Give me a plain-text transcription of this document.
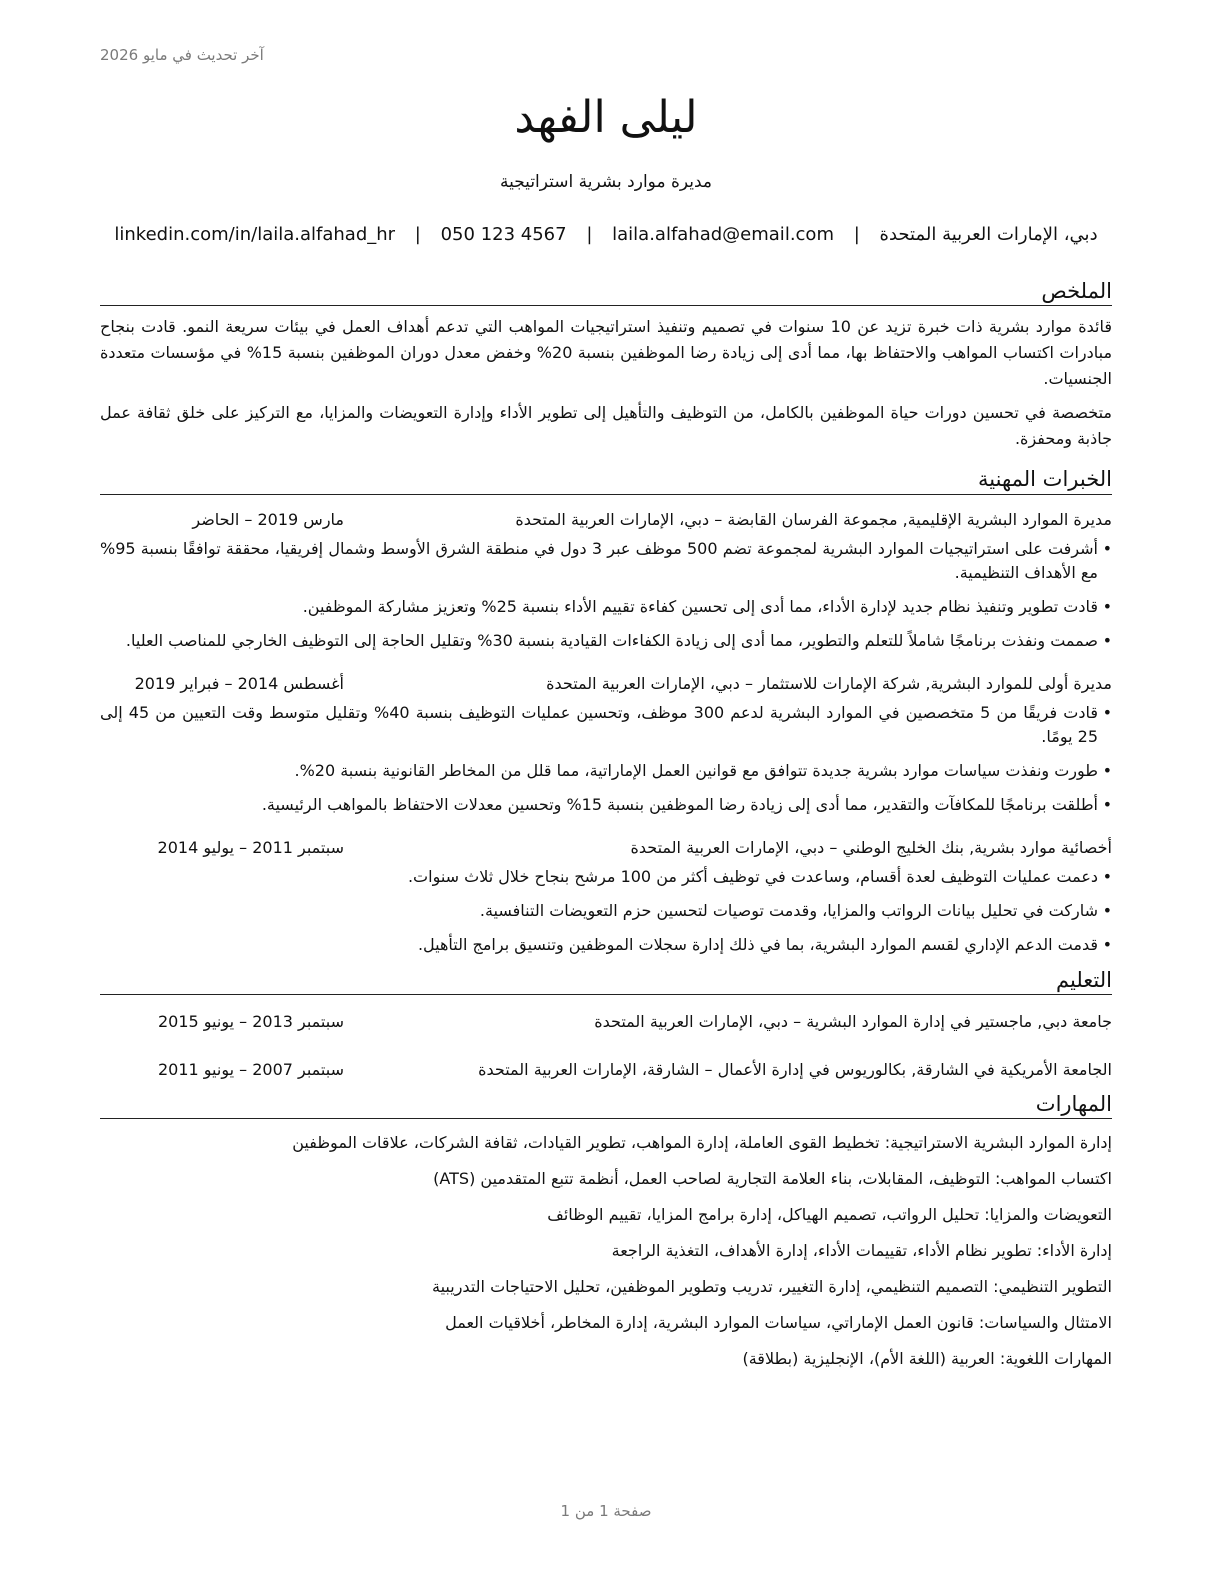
آخر تحديث في مايو 2026
ليلى الفهد
مديرة موارد بشرية استراتيجية
دبي، الإمارات العربية المتحدة | laila.alfahad@email.com | 050 123 4567 | linkedin.com/in/laila.alfahad_hr
الملخص

قائدة موارد بشرية ذات خبرة تزيد عن 10 سنوات في تصميم وتنفيذ استراتيجيات المواهب التي تدعم أهداف العمل في بيئات سريعة النمو. قادت بنجاح مبادرات اكتساب المواهب والاحتفاظ بها، مما أدى إلى زيادة رضا الموظفين بنسبة 20% وخفض معدل دوران الموظفين بنسبة 15% في مؤسسات متعددة الجنسيات.

متخصصة في تحسين دورات حياة الموظفين بالكامل، من التوظيف والتأهيل إلى تطوير الأداء وإدارة التعويضات والمزايا، مع التركيز على خلق ثقافة عمل جاذبة ومحفزة.

الخبرات المهنية
مديرة الموارد البشرية الإقليمية, مجموعة الفرسان القابضة – دبي، الإمارات العربية المتحدة
مارس 2019 – الحاضر
• أشرفت على استراتيجيات الموارد البشرية لمجموعة تضم 500 موظف عبر 3 دول في منطقة الشرق الأوسط وشمال إفريقيا، محققة توافقًا بنسبة 95% مع الأهداف التنظيمية.
• قادت تطوير وتنفيذ نظام جديد لإدارة الأداء، مما أدى إلى تحسين كفاءة تقييم الأداء بنسبة 25% وتعزيز مشاركة الموظفين.
• صممت ونفذت برنامجًا شاملاً للتعلم والتطوير، مما أدى إلى زيادة الكفاءات القيادية بنسبة 30% وتقليل الحاجة إلى التوظيف الخارجي للمناصب العليا.
مديرة أولى للموارد البشرية, شركة الإمارات للاستثمار – دبي، الإمارات العربية المتحدة
أغسطس 2014 – فبراير 2019
• قادت فريقًا من 5 متخصصين في الموارد البشرية لدعم 300 موظف، وتحسين عمليات التوظيف بنسبة 40% وتقليل متوسط وقت التعيين من 45 إلى 25 يومًا.
• طورت ونفذت سياسات موارد بشرية جديدة تتوافق مع قوانين العمل الإماراتية، مما قلل من المخاطر القانونية بنسبة 20%.
• أطلقت برنامجًا للمكافآت والتقدير، مما أدى إلى زيادة رضا الموظفين بنسبة 15% وتحسين معدلات الاحتفاظ بالمواهب الرئيسية.
أخصائية موارد بشرية, بنك الخليج الوطني – دبي، الإمارات العربية المتحدة
سبتمبر 2011 – يوليو 2014
• دعمت عمليات التوظيف لعدة أقسام، وساعدت في توظيف أكثر من 100 مرشح بنجاح خلال ثلاث سنوات.
• شاركت في تحليل بيانات الرواتب والمزايا، وقدمت توصيات لتحسين حزم التعويضات التنافسية.
• قدمت الدعم الإداري لقسم الموارد البشرية، بما في ذلك إدارة سجلات الموظفين وتنسيق برامج التأهيل.
التعليم
جامعة دبي, ماجستير في إدارة الموارد البشرية – دبي، الإمارات العربية المتحدة
سبتمبر 2013 – يونيو 2015
الجامعة الأمريكية في الشارقة, بكالوريوس في إدارة الأعمال – الشارقة، الإمارات العربية المتحدة
سبتمبر 2007 – يونيو 2011
المهارات
إدارة الموارد البشرية الاستراتيجية: تخطيط القوى العاملة، إدارة المواهب، تطوير القيادات، ثقافة الشركات، علاقات الموظفين
اكتساب المواهب: التوظيف، المقابلات، بناء العلامة التجارية لصاحب العمل، أنظمة تتبع المتقدمين (ATS)
التعويضات والمزايا: تحليل الرواتب، تصميم الهياكل، إدارة برامج المزايا، تقييم الوظائف
إدارة الأداء: تطوير نظام الأداء، تقييمات الأداء، إدارة الأهداف، التغذية الراجعة
التطوير التنظيمي: التصميم التنظيمي، إدارة التغيير، تدريب وتطوير الموظفين، تحليل الاحتياجات التدريبية
الامتثال والسياسات: قانون العمل الإماراتي، سياسات الموارد البشرية، إدارة المخاطر، أخلاقيات العمل
المهارات اللغوية: العربية (اللغة الأم)، الإنجليزية (بطلاقة)
صفحة 1 من 1
